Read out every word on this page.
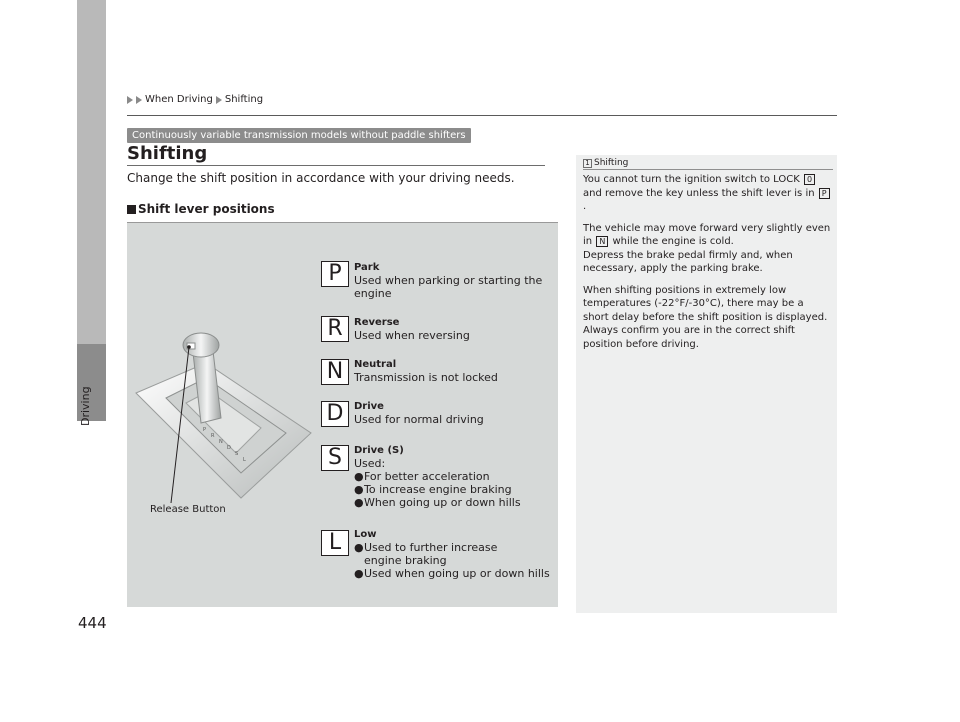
Driving
444
When Driving Shifting
Continuously variable transmission models without paddle shifters
Shifting
Change the shift position in accordance with your driving needs.
Shift lever positions
P
R
N
D
S
L
Release Button
P	Park
Used when parking or starting the
engine
R	Reverse
Used when reversing
N	Neutral
Transmission is not locked
D	Drive
Used for normal driving
S	Drive (S)
Used:
● For better acceleration
● To increase engine braking
● When going up or down hills
L	Low
● Used to further increase engine braking
● Used when going up or down hills
1 Shifting

You cannot turn the ignition switch to LOCK 0 and remove the key unless the shift lever is in P.

The vehicle may move forward very slightly even in N while the engine is cold.

Depress the brake pedal firmly and, when necessary, apply the parking brake.

When shifting positions in extremely low temperatures (-22°F/-30°C), there may be a short delay before the shift position is displayed. Always confirm you are in the correct shift position before driving.
